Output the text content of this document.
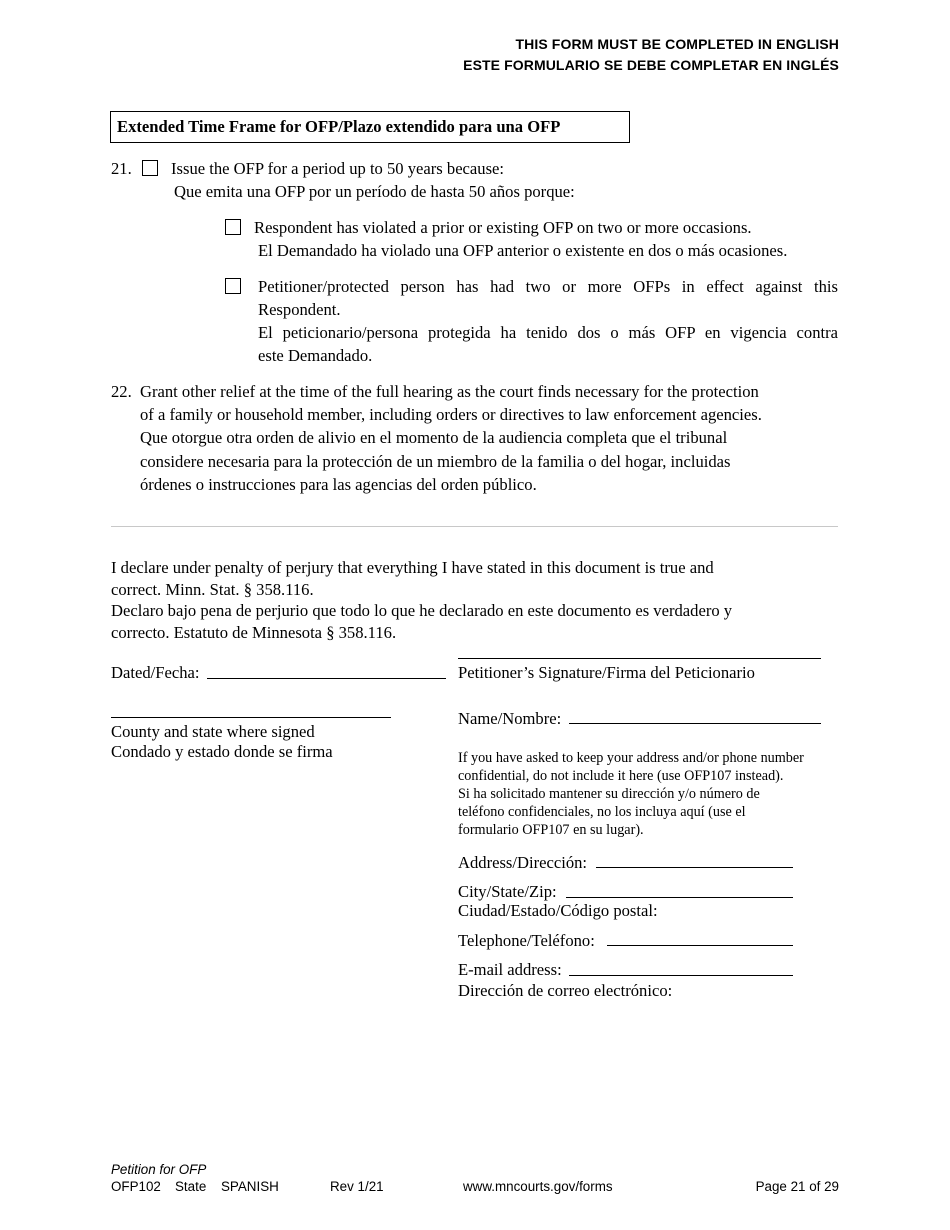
THIS FORM MUST BE COMPLETED IN ENGLISH
ESTE FORMULARIO SE DEBE COMPLETAR EN INGLÉS
Extended Time Frame for OFP/Plazo extendido para una OFP
21. Issue the OFP for a period up to 50 years because:
Que emita una OFP por un período de hasta 50 años porque:
Respondent has violated a prior or existing OFP on two or more occasions.
El Demandado ha violado una OFP anterior o existente en dos o más ocasiones.
Petitioner/protected person has had two or more OFPs in effect against this
Respondent.
El peticionario/persona protegida ha tenido dos o más OFP en vigencia contra
este Demandado.
22. Grant other relief at the time of the full hearing as the court finds necessary for the protection
of a family or household member, including orders or directives to law enforcement agencies.
Que otorgue otra orden de alivio en el momento de la audiencia completa que el tribunal
considere necesaria para la protección de un miembro de la familia o del hogar, incluidas
órdenes o instrucciones para las agencias del orden público.
I declare under penalty of perjury that everything I have stated in this document is true and
correct. Minn. Stat. § 358.116.
Declaro bajo pena de perjurio que todo lo que he declarado en este documento es verdadero y
correcto. Estatuto de Minnesota § 358.116.
Dated/Fecha:	Petitioner’s Signature/Firma del Peticionario
County and state where signed
Condado y estado donde se firma
Name/Nombre:
If you have asked to keep your address and/or phone number
confidential, do not include it here (use OFP107 instead).
Si ha solicitado mantener su dirección y/o número de
teléfono confidenciales, no los incluya aquí (use el
formulario OFP107 en su lugar).
Address/Dirección:
City/State/Zip:
Ciudad/Estado/Código postal:
Telephone/Teléfono:
E-mail address:
Dirección de correo electrónico:
Petition for OFP
OFP102 State SPANISH	Rev 1/21	www.mncourts.gov/forms	Page 21 of 29
